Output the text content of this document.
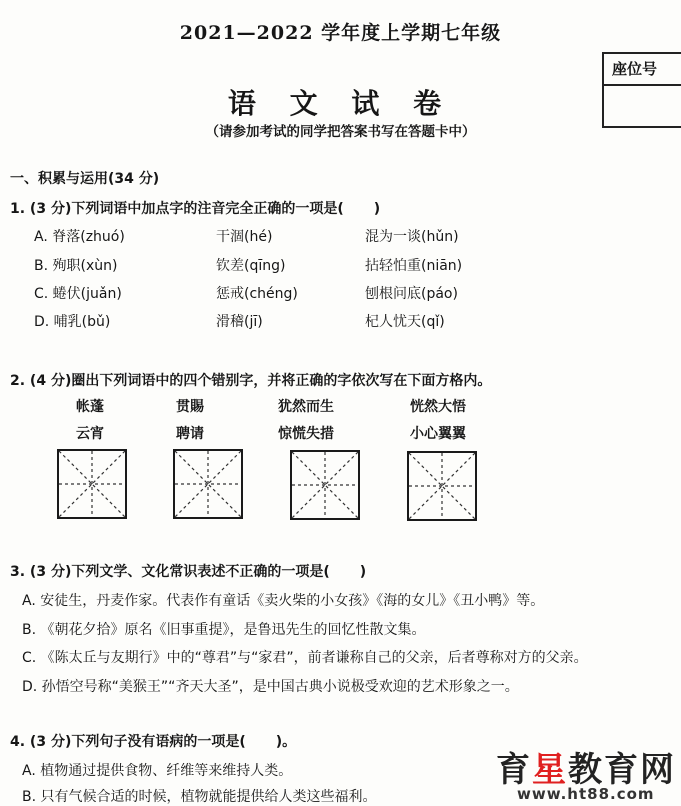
2021—2022 学年度上学期七年级
座位号
语 文 试 卷
（请参加考试的同学把答案书写在答题卡中）
一、积累与运用(34 分)
1. (3 分)下列词语中加点字的注音完全正确的一项是( )
A. 脊落(zhuó)	干涸(hé)	混为一谈(hǔn)
B. 殉职(xùn)	钦差(qīng)	拈轻怕重(niān)
C. 蜷伏(juǎn)	惩戒(chéng)	刨根问底(páo)
D. 哺乳(bǔ)	滑稽(jī)	杞人忧天(qǐ)
2. (4 分)圈出下列词语中的四个错别字，并将正确的字依次写在下面方格内。
帐蓬	贯賜	犹然而生	恍然大悟
云宵	聘请	惊慌失措	小心翼翼
3. (3 分)下列文学、文化常识表述不正确的一项是( )
A. 安徒生，丹麦作家。代表作有童话《卖火柴的小女孩》《海的女儿》《丑小鸭》等。
B. 《朝花夕拾》原名《旧事重提》，是鲁迅先生的回忆性散文集。
C. 《陈太丘与友期行》中的“尊君”与“家君”，前者谦称自己的父亲，后者尊称对方的父亲。
D. 孙悟空号称“美猴王”“齐天大圣”，是中国古典小说极受欢迎的艺术形象之一。
4. (3 分)下列句子没有语病的一项是( )。
A. 植物通过提供食物、纤维等来维持人类。
B. 只有气候合适的时候，植物就能提供给人类这些福利。
育星教育网
www.ht88.com
